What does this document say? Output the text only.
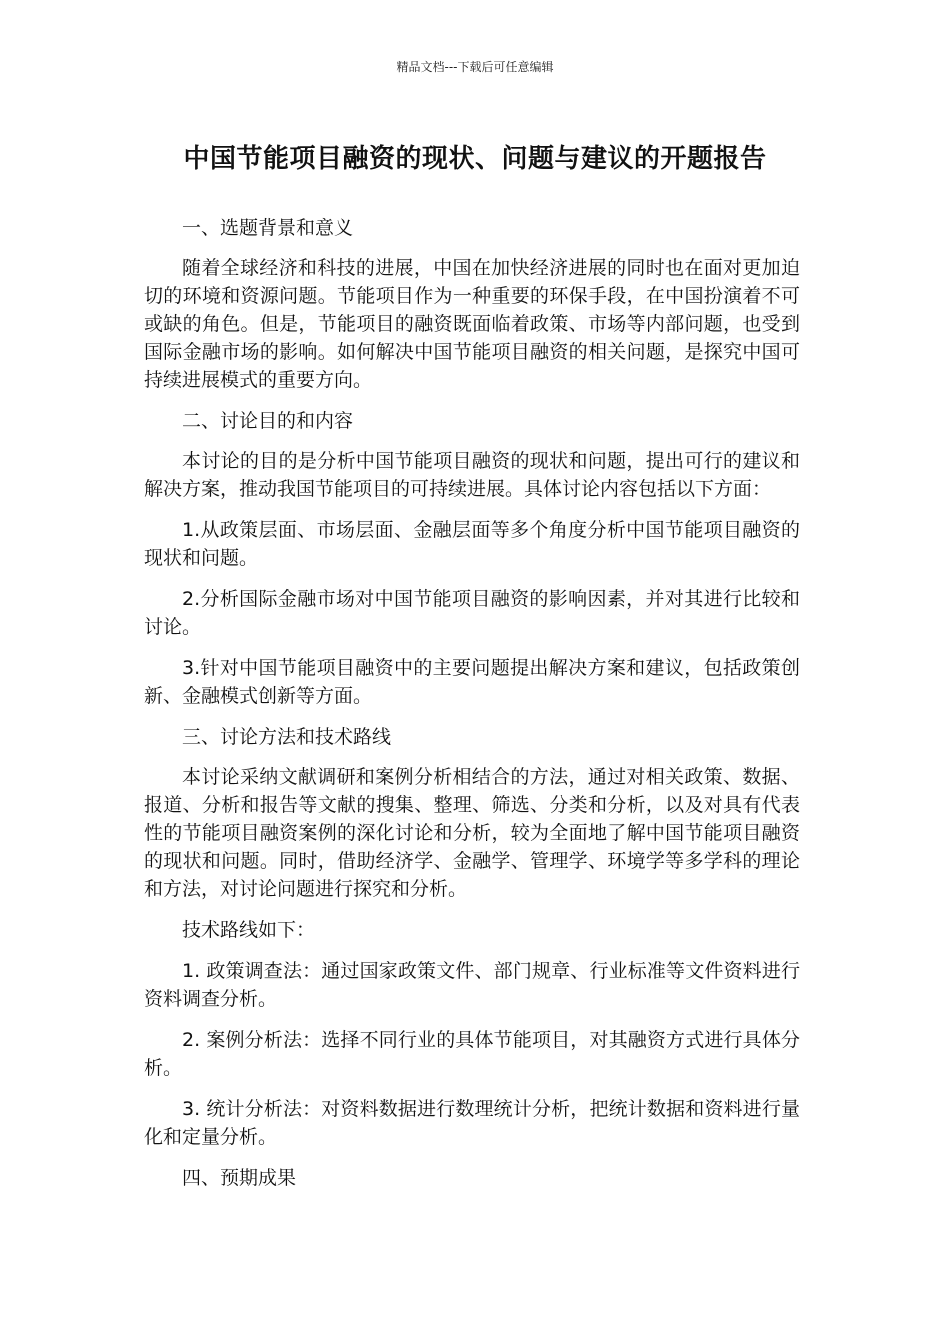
精品文档---下载后可任意编辑
中国节能项目融资的现状、问题与建议的开题报告

一、选题背景和意义

随着全球经济和科技的进展，中国在加快经济进展的同时也在面对更加迫切的环境和资源问题。节能项目作为一种重要的环保手段，在中国扮演着不可或缺的角色。但是，节能项目的融资既面临着政策、市场等内部问题，也受到国际金融市场的影响。如何解决中国节能项目融资的相关问题，是探究中国可持续进展模式的重要方向。

二、讨论目的和内容

本讨论的目的是分析中国节能项目融资的现状和问题，提出可行的建议和解决方案，推动我国节能项目的可持续进展。具体讨论内容包括以下方面：

1.从政策层面、市场层面、金融层面等多个角度分析中国节能项目融资的现状和问题。

2.分析国际金融市场对中国节能项目融资的影响因素，并对其进行比较和讨论。

3.针对中国节能项目融资中的主要问题提出解决方案和建议，包括政策创新、金融模式创新等方面。

三、讨论方法和技术路线

本讨论采纳文献调研和案例分析相结合的方法，通过对相关政策、数据、报道、分析和报告等文献的搜集、整理、筛选、分类和分析，以及对具有代表性的节能项目融资案例的深化讨论和分析，较为全面地了解中国节能项目融资的现状和问题。同时，借助经济学、金融学、管理学、环境学等多学科的理论和方法，对讨论问题进行探究和分析。

技术路线如下：

1. 政策调查法：通过国家政策文件、部门规章、行业标准等文件资料进行资料调查分析。

2. 案例分析法：选择不同行业的具体节能项目，对其融资方式进行具体分析。

3. 统计分析法：对资料数据进行数理统计分析，把统计数据和资料进行量化和定量分析。

四、预期成果
